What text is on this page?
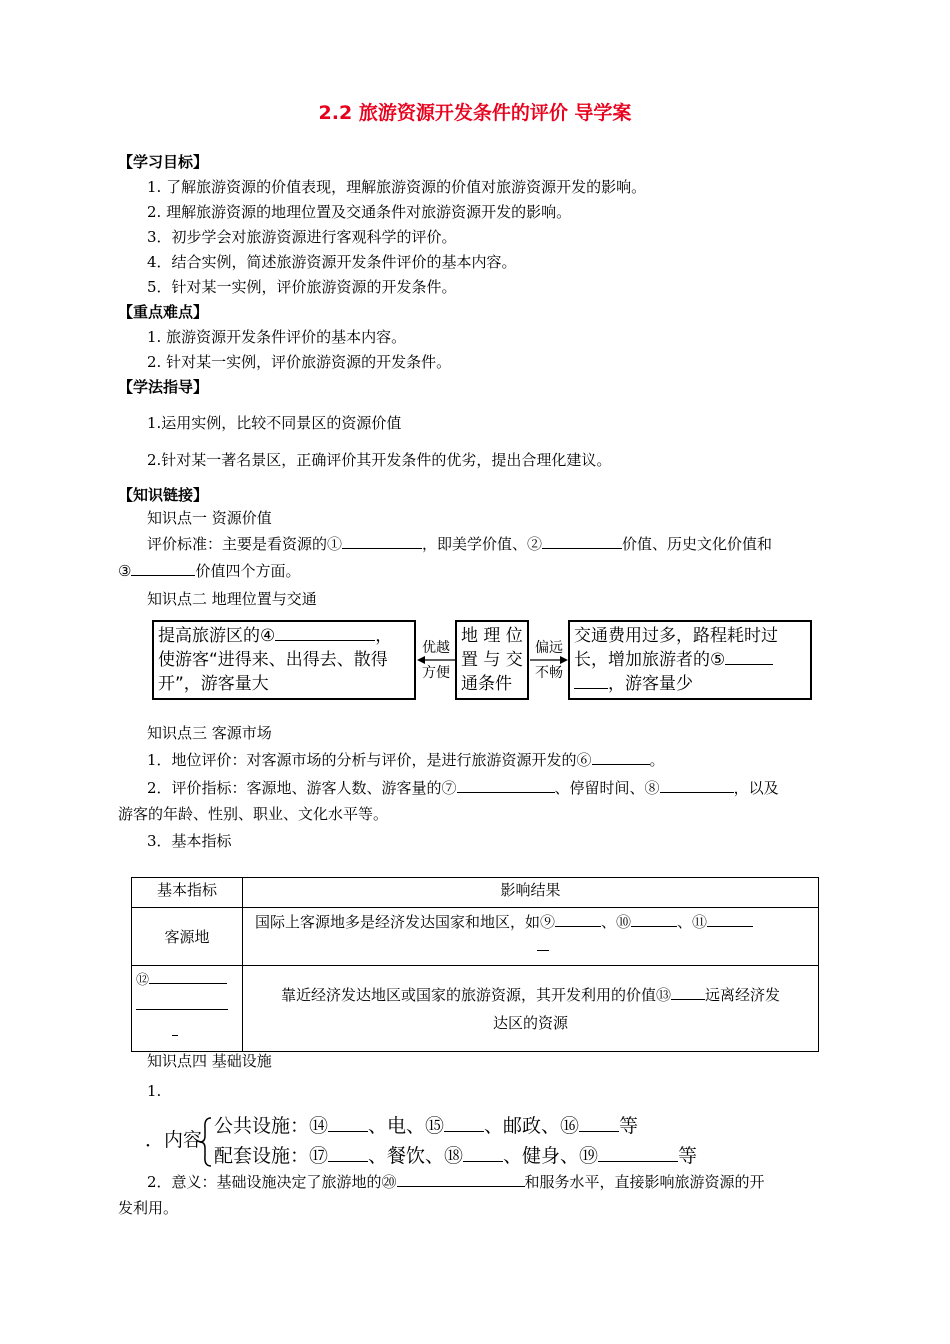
2.2 旅游资源开发条件的评价 导学案
【学习目标】
1. 了解旅游资源的价值表现，理解旅游资源的价值对旅游资源开发的影响。
2. 理解旅游资源的地理位置及交通条件对旅游资源开发的影响。
3．初步学会对旅游资源进行客观科学的评价。
4．结合实例，简述旅游资源开发条件评价的基本内容。
5．针对某一实例，评价旅游资源的开发条件。
【重点难点】
1. 旅游资源开发条件评价的基本内容。
2. 针对某一实例，评价旅游资源的开发条件。
【学法指导】
1.运用实例，比较不同景区的资源价值
2.针对某一著名景区，正确评价其开发条件的优劣，提出合理化建议。
【知识链接】
知识点一 资源价值
评价标准：主要是看资源的①	，即美学价值、②	价值、历史文化价值和
③	价值四个方面。
知识点二 地理位置与交通
提高旅游区的④	，
使游客“进得来、出得去、散得
开”，游客量大
优越
方便
地 理 位
置 与 交
通条件
偏远
不畅
交通费用过多，路程耗时过
长，增加旅游者的⑤
，游客量少
知识点三 客源市场
1．地位评价：对客源市场的分析与评价，是进行旅游资源开发的⑥	。
2．评价指标：客源地、游客人数、游客量的⑦	、停留时间、⑧	，以及
游客的年龄、性别、职业、文化水平等。
3．基本指标
基本指标	影响结果
客源地	国际上客源地多是经济发达国家和地区，如⑨ 、⑩ 、⑪

⑫	靠近经济发达地区或国家的旅游资源，其开发利用的价值⑬ 远离经济发
达区的资源
知识点四 基础设施
1.
．内容
公共设施：⑭ 、电、⑮ 、邮政、⑯ 等
配套设施：⑰ 、餐饮、⑱ 、健身、⑲	等
2．意义：基础设施决定了旅游地的⑳	和服务水平，直接影响旅游资源的开
发利用。
